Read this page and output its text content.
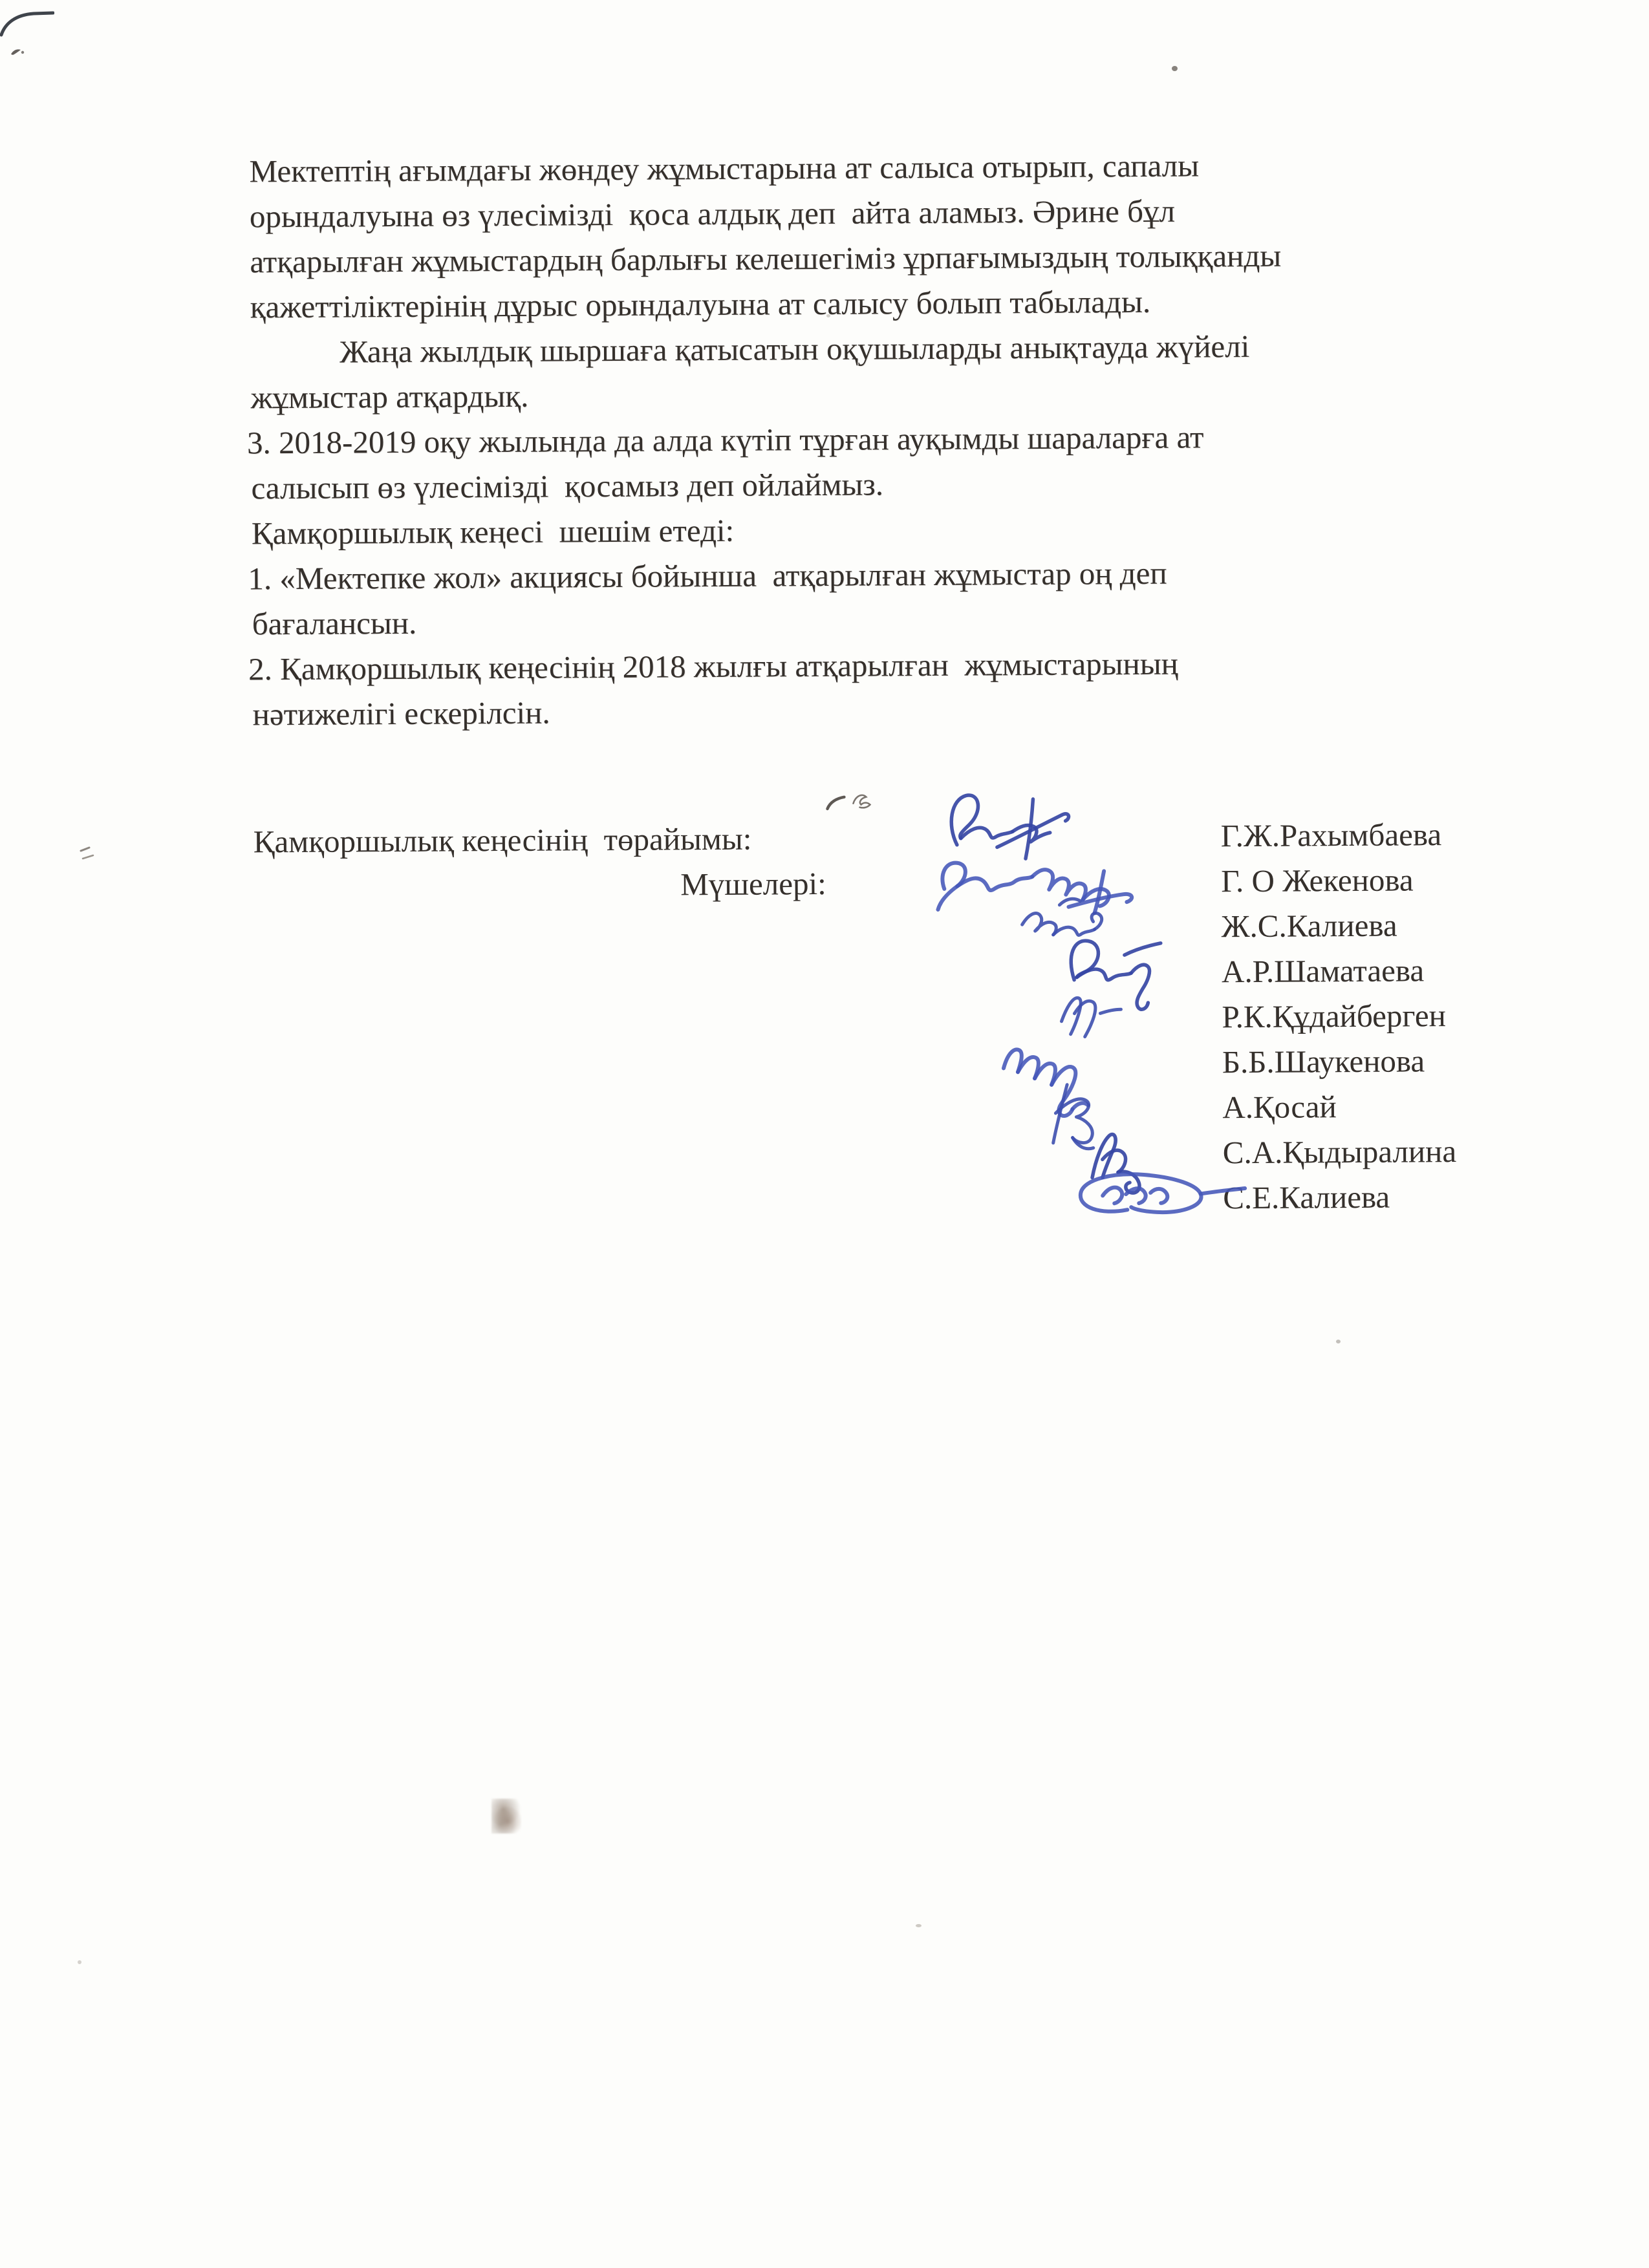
Мектептің ағымдағы жөндеу жұмыстарына ат салыса отырып, сапалы
орындалуына өз үлесімізді  қоса алдық деп  айта аламыз. Әрине бұл
атқарылған жұмыстардың барлығы келешегіміз ұрпағымыздың толыққанды
қажеттіліктерінің дұрыс орындалуына ат салысу болып табылады.
Жаңа жылдық шыршаға қатысатын оқушыларды анықтауда жүйелі
жұмыстар атқардық.
3. 2018-2019 оқу жылында да алда күтіп тұрған ауқымды шараларға ат
салысып өз үлесімізді  қосамыз деп ойлаймыз.
Қамқоршылық кеңесі  шешім етеді:
1. «Мектепке жол» акциясы бойынша  атқарылған жұмыстар оң деп
бағалансын.
2. Қамқоршылық кеңесінің 2018 жылғы атқарылған  жұмыстарының
нәтижелігі ескерілсін.
Қамқоршылық кеңесінің  төрайымы:
Мүшелері:
Г.Ж.Рахымбаева
Г. О Жекенова
Ж.С.Калиева
А.Р.Шаматаева
Р.К.Құдайберген
Б.Б.Шаукенова
А.Қосай
С.А.Қыдыралина
С.Е.Калиева
